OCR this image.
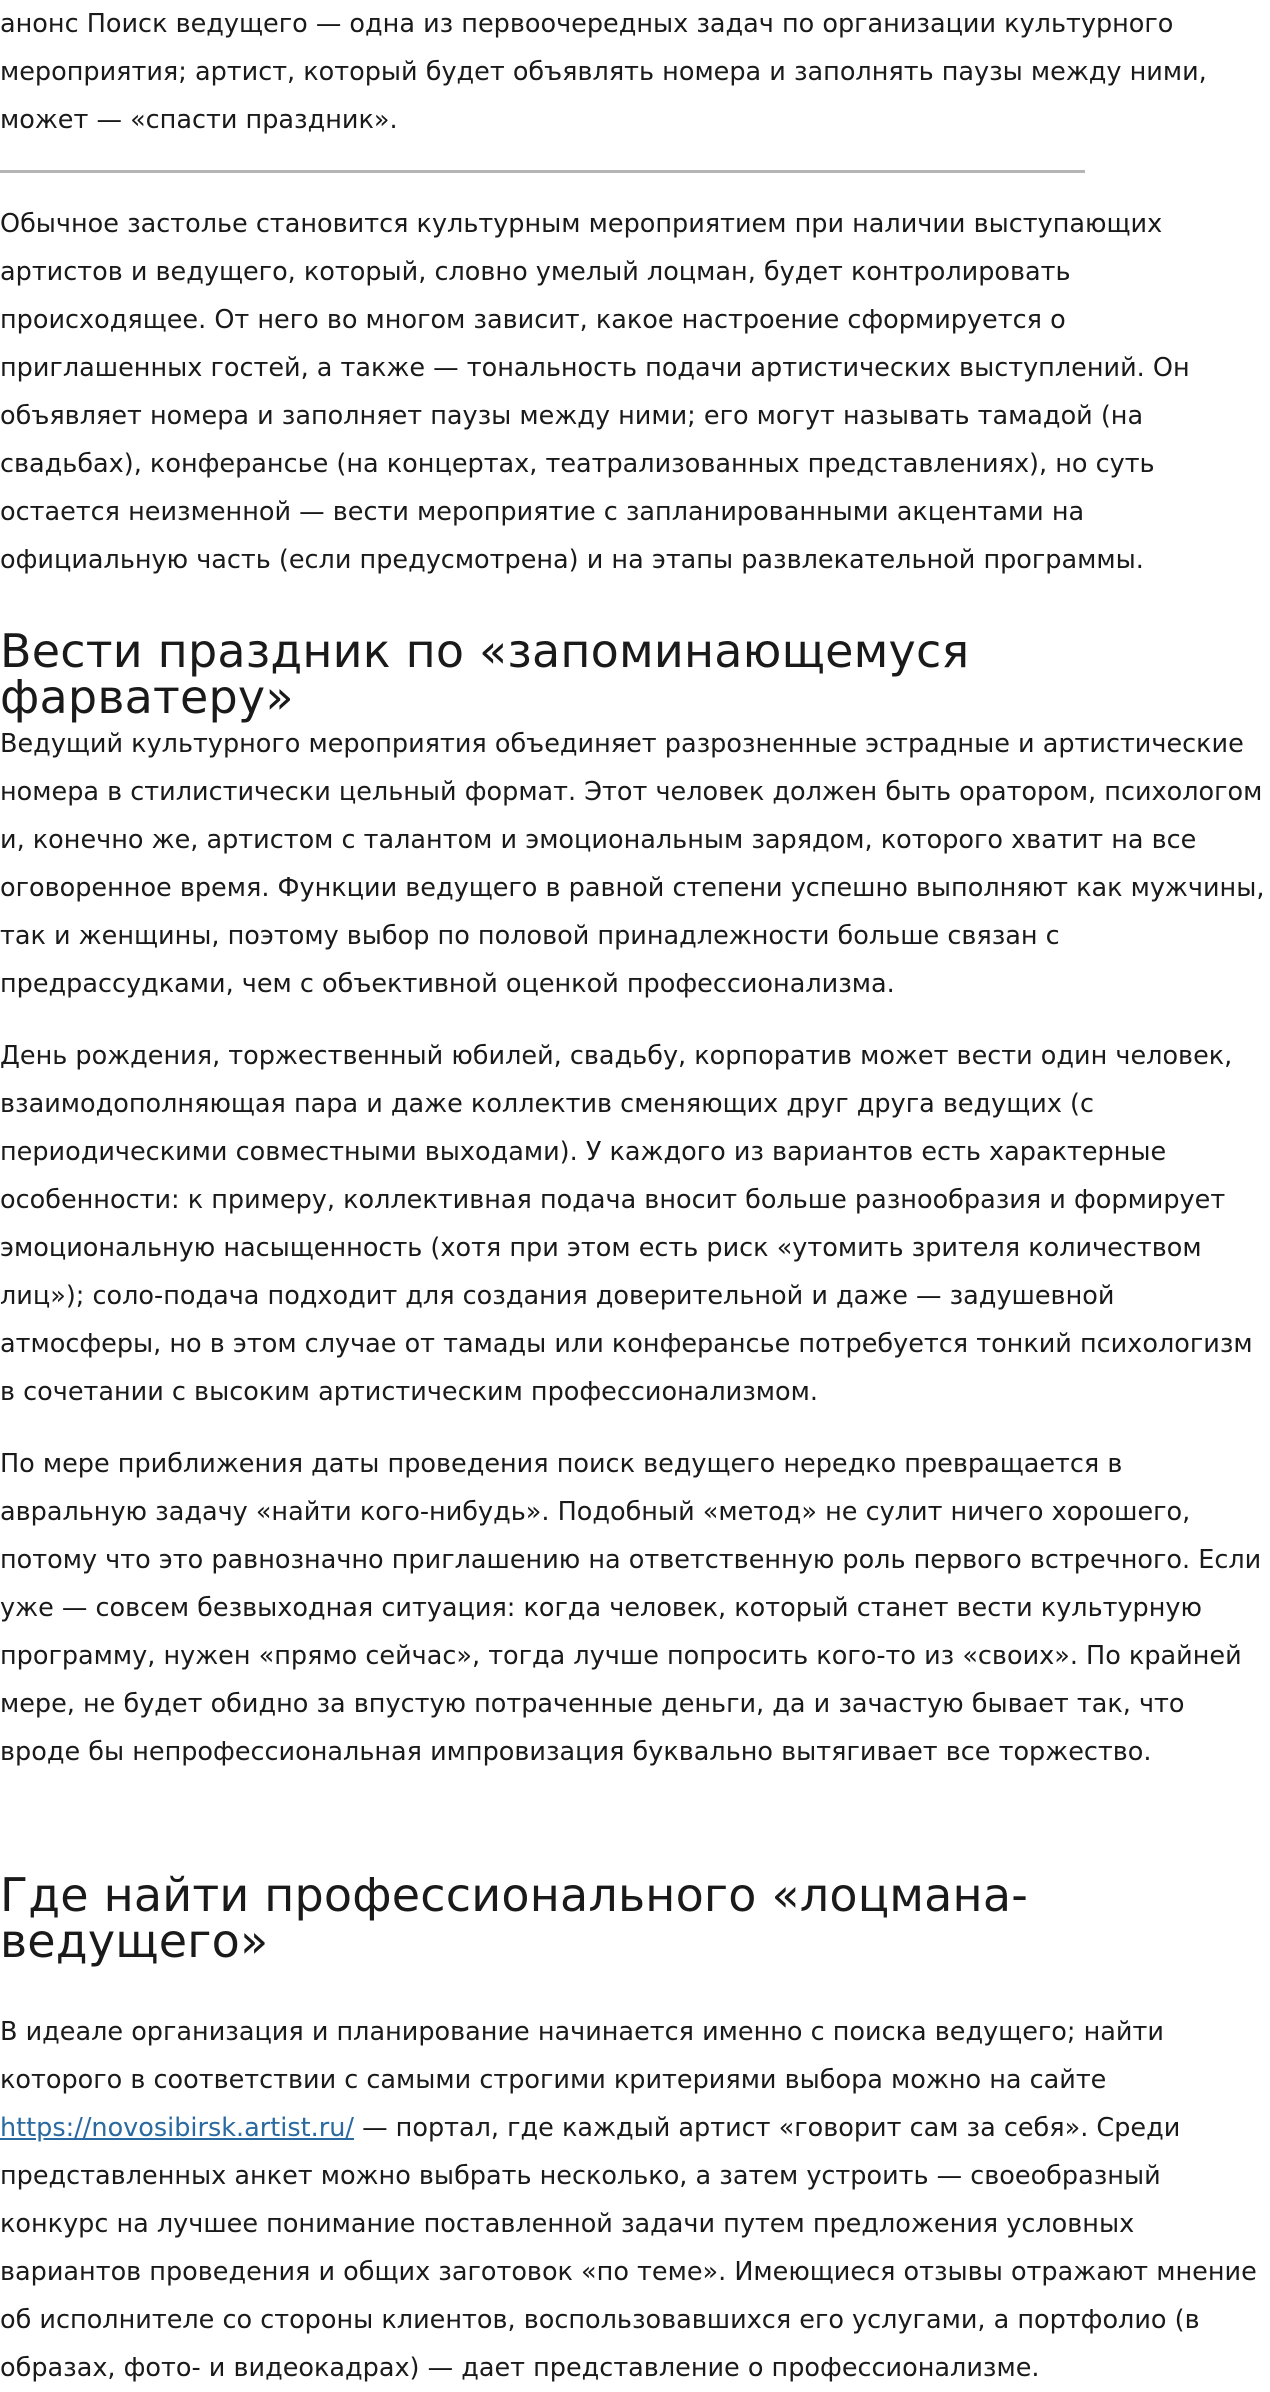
анонс Поиск ведущего — одна из первоочередных задач по организации культурного мероприятия; артист, который будет объявлять номера и заполнять паузы между ними, может — «спасти праздник».

Обычное застолье становится культурным мероприятием при наличии выступающих артистов и ведущего, который, словно умелый лоцман, будет контролировать происходящее. От него во многом зависит, какое настроение сформируется о приглашенных гостей, а также — тональность подачи артистических выступлений. Он объявляет номера и заполняет паузы между ними; его могут называть тамадой (на свадьбах), конферансье (на концертах, театрализованных представлениях), но суть остается неизменной — вести мероприятие с запланированными акцентами на официальную часть (если предусмотрена) и на этапы развлекательной программы.

Вести праздник по «запоминающемуся фарватеру»

Ведущий культурного мероприятия объединяет разрозненные эстрадные и артистические номера в стилистически цельный формат. Этот человек должен быть оратором, психологом и, конечно же, артистом с талантом и эмоциональным зарядом, которого хватит на все оговоренное время. Функции ведущего в равной степени успешно выполняют как мужчины, так и женщины, поэтому выбор по половой принадлежности больше связан с предрассудками, чем с объективной оценкой профессионализма.

День рождения, торжественный юбилей, свадьбу, корпоратив может вести один человек, взаимодополняющая пара и даже коллектив сменяющих друг друга ведущих (с периодическими совместными выходами). У каждого из вариантов есть характерные особенности: к примеру, коллективная подача вносит больше разнообразия и формирует эмоциональную насыщенность (хотя при этом есть риск «утомить зрителя количеством лиц»); соло-подача подходит для создания доверительной и даже — задушевной атмосферы, но в этом случае от тамады или конферансье потребуется тонкий психологизм в сочетании с высоким артистическим профессионализмом.

По мере приближения даты проведения поиск ведущего нередко превращается в авральную задачу «найти кого-нибудь». Подобный «метод» не сулит ничего хорошего, потому что это равнозначно приглашению на ответственную роль первого встречного. Если уже — совсем безвыходная ситуация: когда человек, который станет вести культурную программу, нужен «прямо сейчас», тогда лучше попросить кого-то из «своих». По крайней мере, не будет обидно за впустую потраченные деньги, да и зачастую бывает так, что вроде бы непрофессиональная импровизация буквально вытягивает все торжество.

Где найти профессионального «лоцмана-ведущего»

В идеале организация и планирование начинается именно с поиска ведущего; найти которого в соответствии с самыми строгими критериями выбора можно на сайте https://novosibirsk.artist.ru/ — портал, где каждый артист «говорит сам за себя». Среди представленных анкет можно выбрать несколько, а затем устроить — своеобразный конкурс на лучшее понимание поставленной задачи путем предложения условных вариантов проведения и общих заготовок «по теме». Имеющиеся отзывы отражают мнение об исполнителе со стороны клиентов, воспользовавшихся его услугами, а портфолио (в образах, фото- и видеокадрах) — дает представление о профессионализме.
